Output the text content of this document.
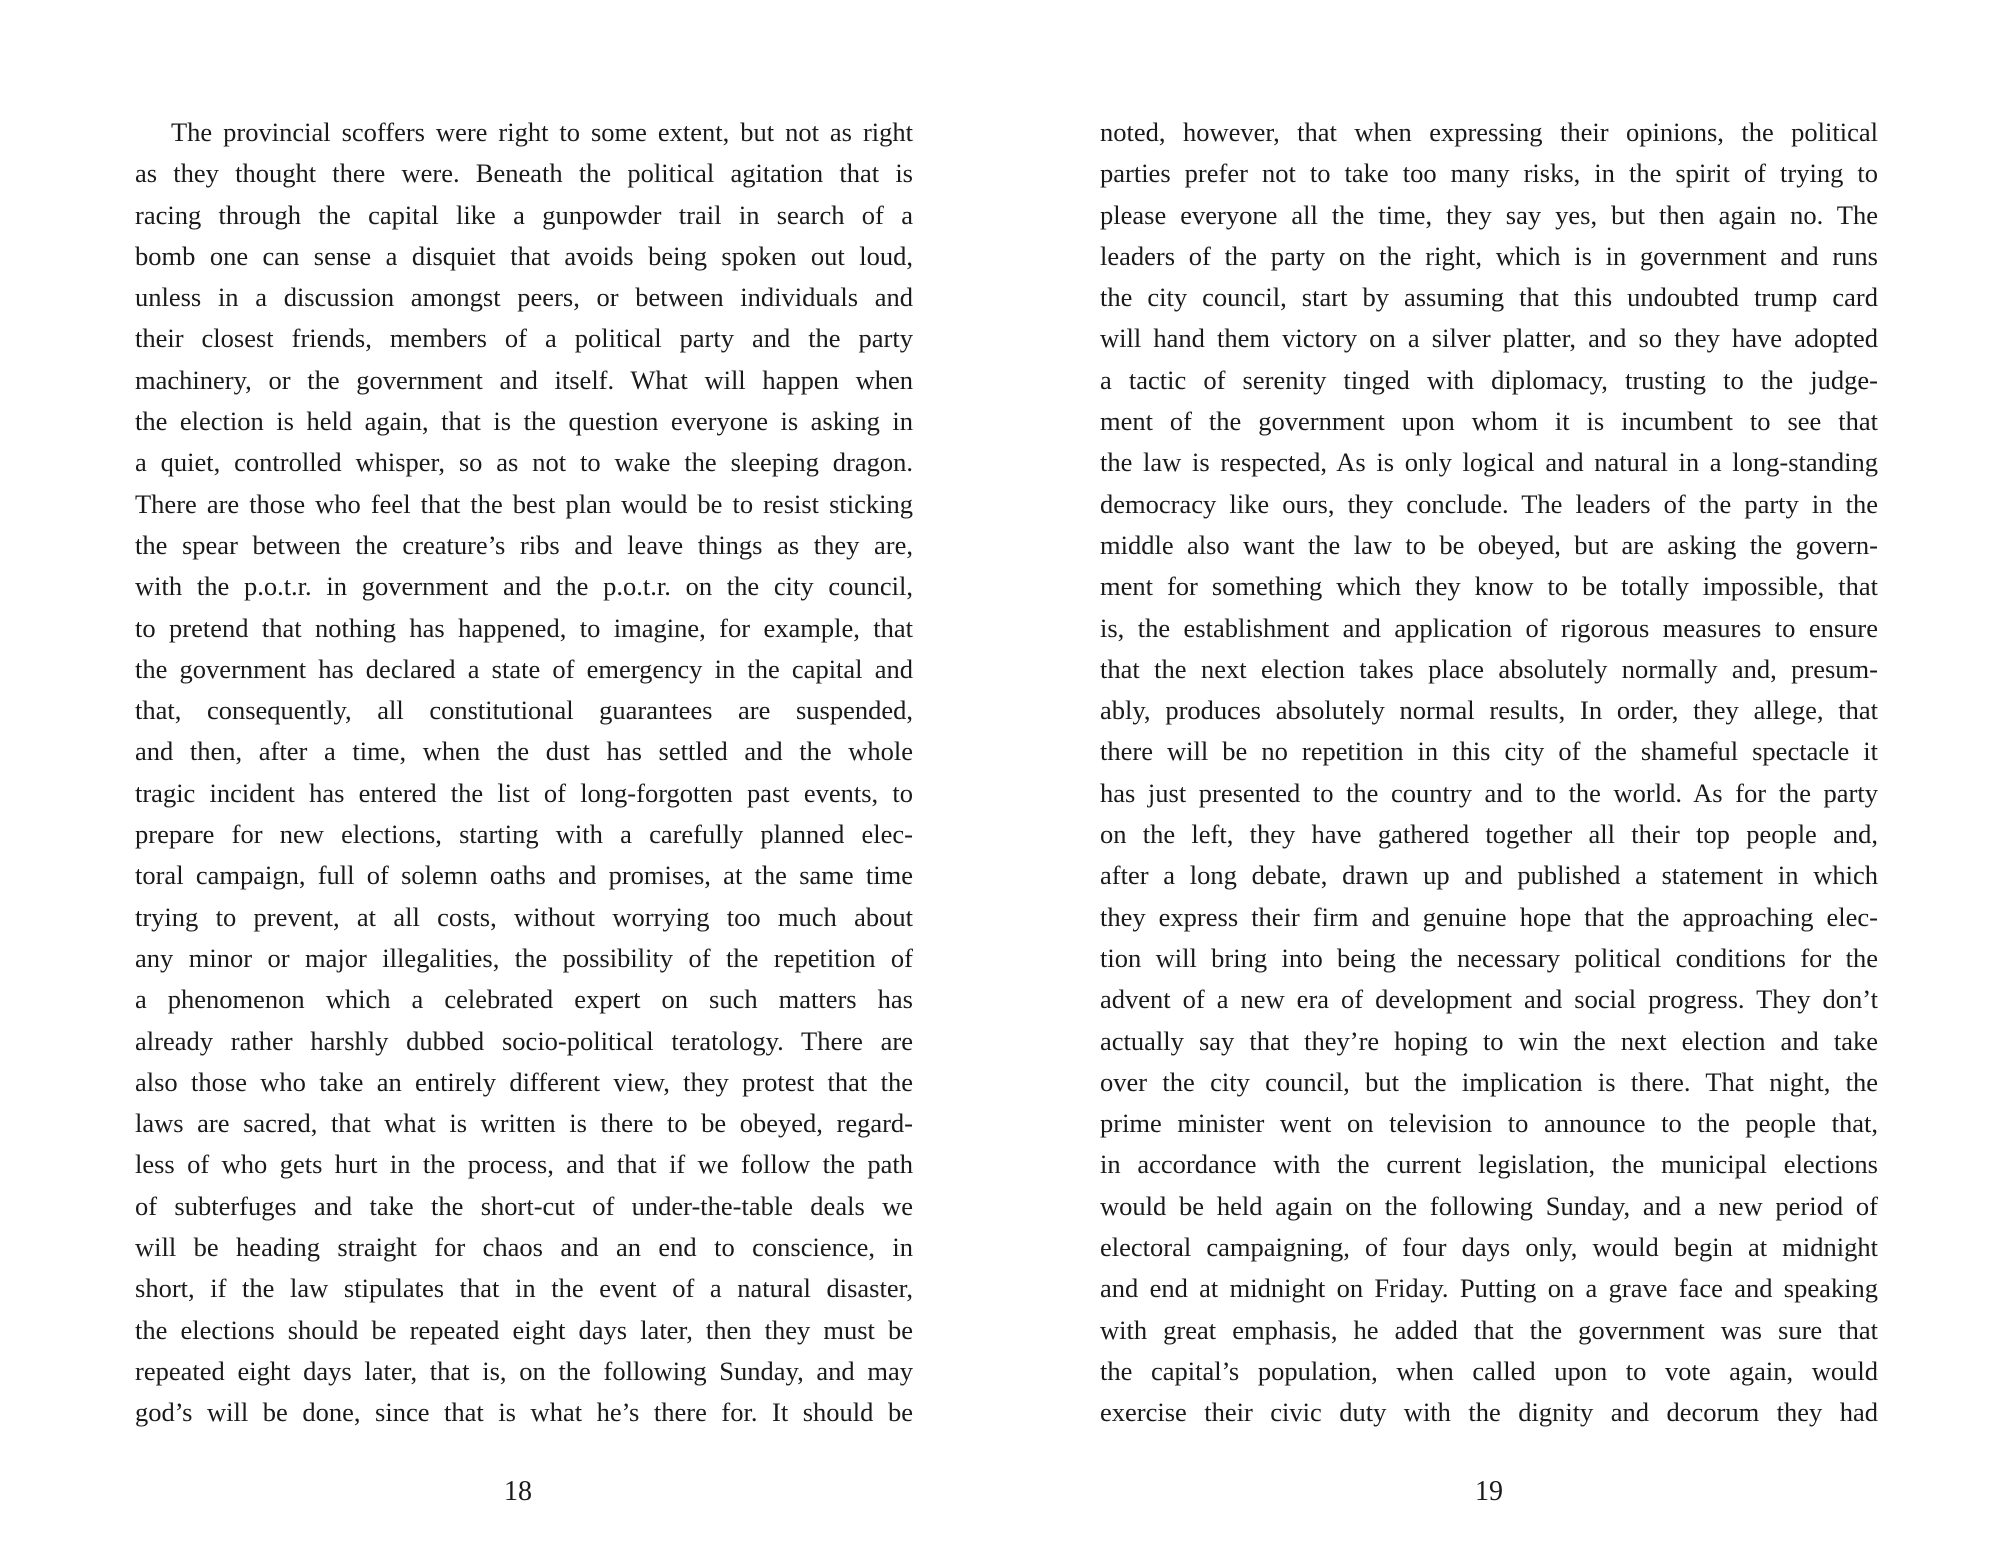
The provincial scoffers were right to some extent, but not as right
as they thought there were. Beneath the political agitation that is
racing through the capital like a gunpowder trail in search of a
bomb one can sense a disquiet that avoids being spoken out loud,
unless in a discussion amongst peers, or between individuals and
their closest friends, members of a political party and the party
machinery, or the government and itself. What will happen when
the election is held again, that is the question everyone is asking in
a quiet, controlled whisper, so as not to wake the sleeping dragon.
There are those who feel that the best plan would be to resist sticking
the spear between the creature’s ribs and leave things as they are,
with the p.o.t.r. in government and the p.o.t.r. on the city council,
to pretend that nothing has happened, to imagine, for example, that
the government has declared a state of emergency in the capital and
that, consequently, all constitutional guarantees are suspended,
and then, after a time, when the dust has settled and the whole
tragic incident has entered the list of long-forgotten past events, to
prepare for new elections, starting with a carefully planned elec-
toral campaign, full of solemn oaths and promises, at the same time
trying to prevent, at all costs, without worrying too much about
any minor or major illegalities, the possibility of the repetition of
a phenomenon which a celebrated expert on such matters has
already rather harshly dubbed socio-political teratology. There are
also those who take an entirely different view, they protest that the
laws are sacred, that what is written is there to be obeyed, regard-
less of who gets hurt in the process, and that if we follow the path
of subterfuges and take the short-cut of under-the-table deals we
will be heading straight for chaos and an end to conscience, in
short, if the law stipulates that in the event of a natural disaster,
the elections should be repeated eight days later, then they must be
repeated eight days later, that is, on the following Sunday, and may
god’s will be done, since that is what he’s there for. It should be
18
noted, however, that when expressing their opinions, the political
parties prefer not to take too many risks, in the spirit of trying to
please everyone all the time, they say yes, but then again no. The
leaders of the party on the right, which is in government and runs
the city council, start by assuming that this undoubted trump card
will hand them victory on a silver platter, and so they have adopted
a tactic of serenity tinged with diplomacy, trusting to the judge-
ment of the government upon whom it is incumbent to see that
the law is respected, As is only logical and natural in a long-standing
democracy like ours, they conclude. The leaders of the party in the
middle also want the law to be obeyed, but are asking the govern-
ment for something which they know to be totally impossible, that
is, the establishment and application of rigorous measures to ensure
that the next election takes place absolutely normally and, presum-
ably, produces absolutely normal results, In order, they allege, that
there will be no repetition in this city of the shameful spectacle it
has just presented to the country and to the world. As for the party
on the left, they have gathered together all their top people and,
after a long debate, drawn up and published a statement in which
they express their firm and genuine hope that the approaching elec-
tion will bring into being the necessary political conditions for the
advent of a new era of development and social progress. They don’t
actually say that they’re hoping to win the next election and take
over the city council, but the implication is there. That night, the
prime minister went on television to announce to the people that,
in accordance with the current legislation, the municipal elections
would be held again on the following Sunday, and a new period of
electoral campaigning, of four days only, would begin at midnight
and end at midnight on Friday. Putting on a grave face and speaking
with great emphasis, he added that the government was sure that
the capital’s population, when called upon to vote again, would
exercise their civic duty with the dignity and decorum they had
19
